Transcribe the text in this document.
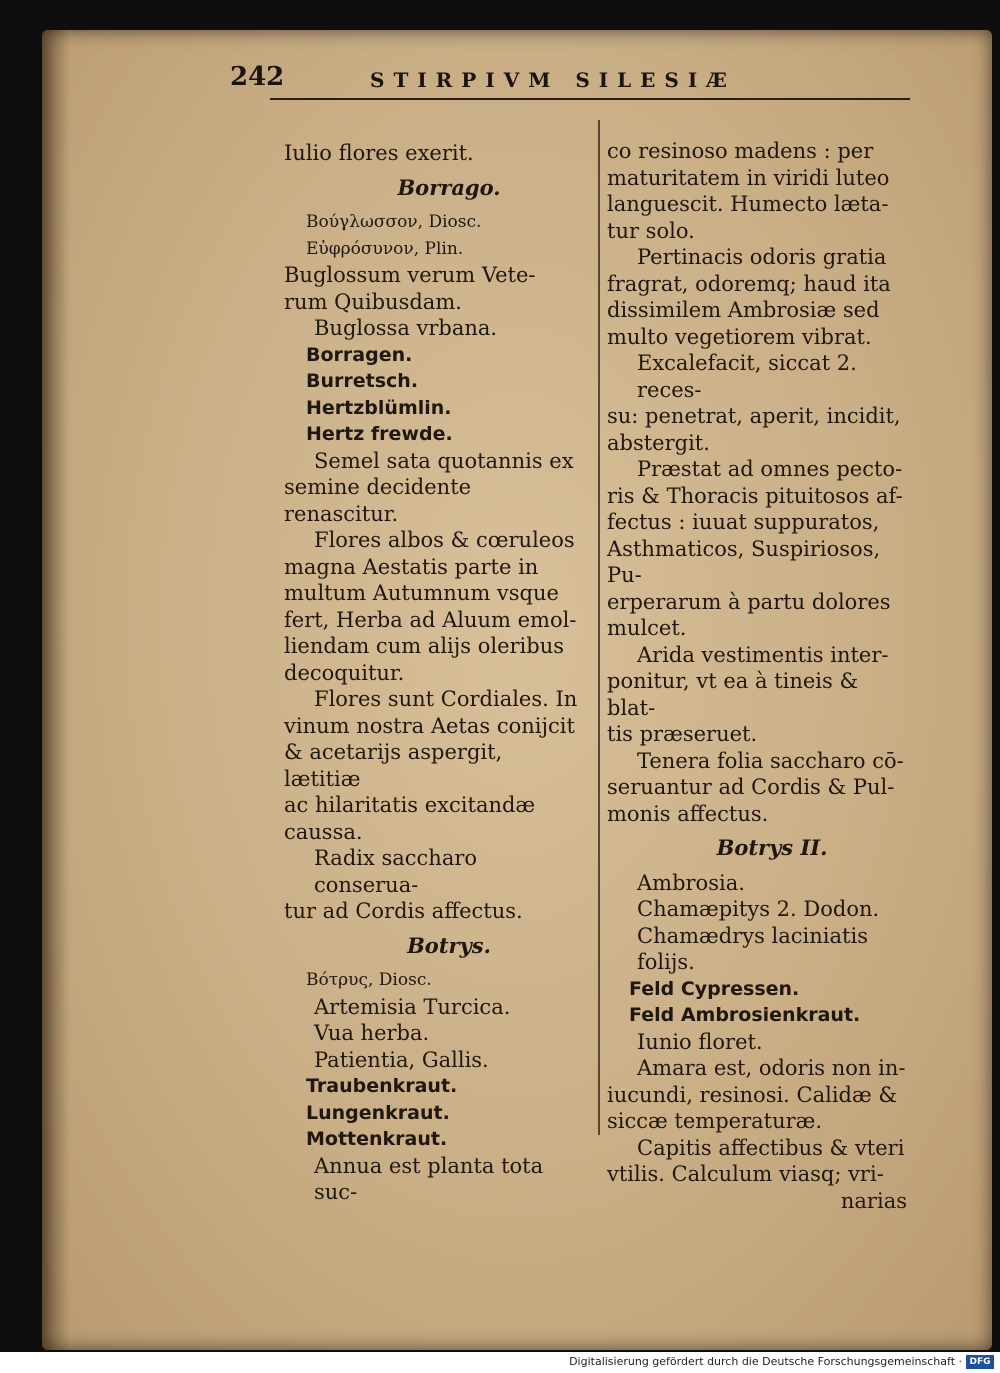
242	STIRPIVM SILESIÆ

Iulio flores exerit.

Borrago.

Βούγλωσσον, Diosc.

Εὐφρόσυνον, Plin.

Buglossum verum Vete-

rum Quibusdam.

Buglossa vrbana.

Borragen.

Burretsch.

Hertzblümlin.

Hertz frewde.

Semel sata quotannis ex

semine decidente renascitur.

Flores albos & cœruleos

magna Aestatis parte in

multum Autumnum vsque

fert, Herba ad Aluum emol-

liendam cum alijs oleribus

decoquitur.

Flores sunt Cordiales. In

vinum nostra Aetas conijcit

& acetarijs aspergit, lætitiæ

ac hilaritatis excitandæ

caussa.

Radix saccharo conserua-

tur ad Cordis affectus.

Botrys.

Βότρυς, Diosc.

Artemisia Turcica.

Vua herba.

Patientia, Gallis.

Traubenkraut.

Lungenkraut.

Mottenkraut.

Annua est planta tota suc-

co resinoso madens : per

maturitatem in viridi luteo

languescit. Humecto læta-

tur solo.

Pertinacis odoris gratia

fragrat, odoremq; haud ita

dissimilem Ambrosiæ sed

multo vegetiorem vibrat.

Excalefacit, siccat 2. reces-

su: penetrat, aperit, incidit,

abstergit.

Præstat ad omnes pecto-

ris & Thoracis pituitosos af-

fectus : iuuat suppuratos,

Asthmaticos, Suspiriosos, Pu-

erperarum à partu dolores

mulcet.

Arida vestimentis inter-

ponitur, vt ea à tineis & blat-

tis præseruet.

Tenera folia saccharo cō-

seruantur ad Cordis & Pul-

monis affectus.

Botrys II.

Ambrosia.

Chamæpitys 2. Dodon.

Chamædrys laciniatis

folijs.

Feld Cypressen.

Feld Ambrosienkraut.

Iunio floret.

Amara est, odoris non in-

iucundi, resinosi. Calidæ &

siccæ temperaturæ.

Capitis affectibus & vteri

vtilis. Calculum viasq; vri-

narias

Digitalisierung gefördert durch die Deutsche Forschungsgemeinschaft · DFG
